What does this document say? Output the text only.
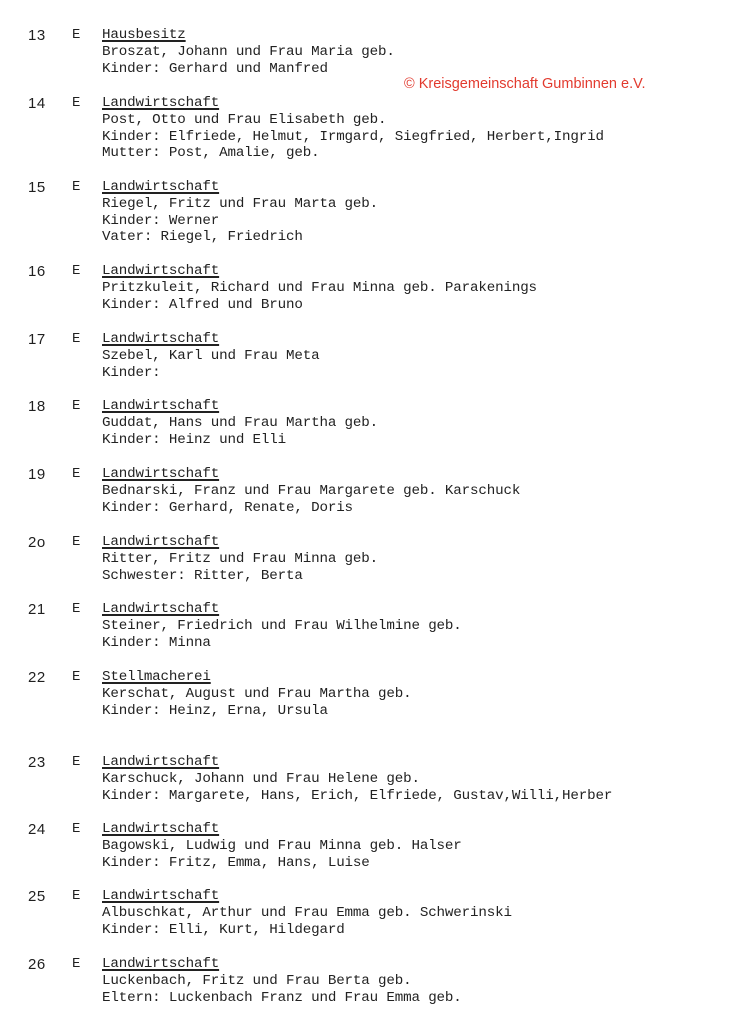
© Kreisgemeinschaft Gumbinnen e.V.
13 E Hausbesitz
Broszat, Johann und Frau Maria geb.
Kinder: Gerhard und Manfred
14 E Landwirtschaft
Post, Otto und Frau Elisabeth geb.
Kinder: Elfriede, Helmut, Irmgard, Siegfried, Herbert,Ingrid
Mutter: Post, Amalie, geb.
15 E Landwirtschaft
Riegel, Fritz und Frau Marta geb.
Kinder: Werner
Vater: Riegel, Friedrich
16 E Landwirtschaft
Pritzkuleit, Richard und Frau Minna geb. Parakenings
Kinder: Alfred und Bruno
17 E Landwirtschaft
Szebel, Karl und Frau Meta
Kinder:
18 E Landwirtschaft
Guddat, Hans und Frau Martha geb.
Kinder: Heinz und Elli
19 E Landwirtschaft
Bednarski, Franz und Frau Margarete geb. Karschuck
Kinder: Gerhard, Renate, Doris
2o E Landwirtschaft
Ritter, Fritz und Frau Minna geb.
Schwester: Ritter, Berta
21 E Landwirtschaft
Steiner, Friedrich und Frau Wilhelmine geb.
Kinder: Minna
22 E Stellmacherei
Kerschat, August und Frau Martha geb.
Kinder: Heinz, Erna, Ursula
23 E Landwirtschaft
Karschuck, Johann und Frau Helene geb.
Kinder: Margarete, Hans, Erich, Elfriede, Gustav,Willi,Herber
24 E Landwirtschaft
Bagowski, Ludwig und Frau Minna geb. Halser
Kinder: Fritz, Emma, Hans, Luise
25 E Landwirtschaft
Albuschkat, Arthur und Frau Emma geb. Schwerinski
Kinder: Elli, Kurt, Hildegard
26 E Landwirtschaft
Luckenbach, Fritz und Frau Berta geb.
Eltern: Luckenbach Franz und Frau Emma geb.
